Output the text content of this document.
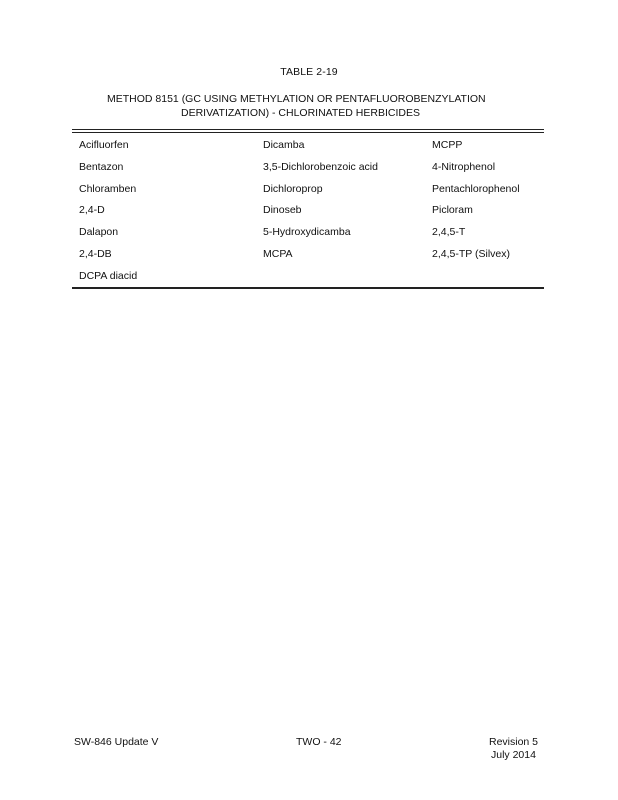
TABLE 2-19
METHOD 8151 (GC USING METHYLATION OR PENTAFLUOROBENZYLATION
DERIVATIZATION) - CHLORINATED HERBICIDES
Acifluorfen	Dicamba	MCPP
Bentazon	3,5-Dichlorobenzoic acid	4-Nitrophenol
Chloramben	Dichloroprop	Pentachlorophenol
2,4-D	Dinoseb	Picloram
Dalapon	5-Hydroxydicamba	2,4,5-T
2,4-DB	MCPA	2,4,5-TP (Silvex)
DCPA diacid
SW-846 Update V	TWO - 42	Revision 5
July 2014
